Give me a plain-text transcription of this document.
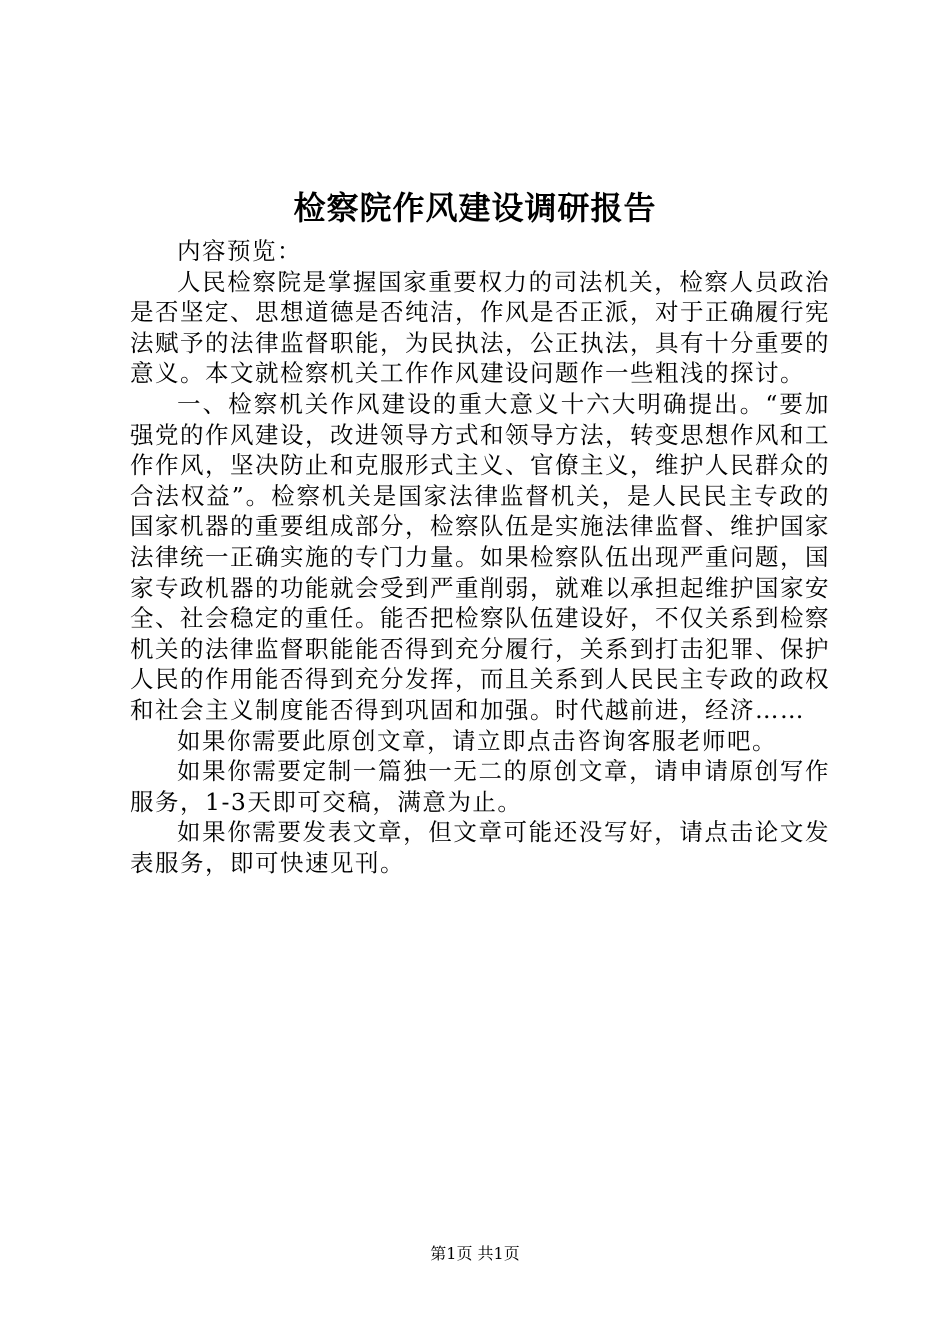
检察院作风建设调研报告

内容预览：

人民检察院是掌握国家重要权力的司法机关，检察人员政治是否坚定、思想道德是否纯洁，作风是否正派，对于正确履行宪法赋予的法律监督职能，为民执法，公正执法，具有十分重要的意义。本文就检察机关工作作风建设问题作一些粗浅的探讨。

一、检察机关作风建设的重大意义十六大明确提出。“要加强党的作风建设，改进领导方式和领导方法，转变思想作风和工作作风，坚决防止和克服形式主义、官僚主义，维护人民群众的合法权益”。检察机关是国家法律监督机关，是人民民主专政的国家机器的重要组成部分，检察队伍是实施法律监督、维护国家法律统一正确实施的专门力量。如果检察队伍出现严重问题，国家专政机器的功能就会受到严重削弱，就难以承担起维护国家安全、社会稳定的重任。能否把检察队伍建设好，不仅关系到检察机关的法律监督职能能否得到充分履行，关系到打击犯罪、保护人民的作用能否得到充分发挥，而且关系到人民民主专政的政权和社会主义制度能否得到巩固和加强。时代越前进，经济……

如果你需要此原创文章，请立即点击咨询客服老师吧。

如果你需要定制一篇独一无二的原创文章，请申请原创写作服务，1-3天即可交稿，满意为止。

如果你需要发表文章，但文章可能还没写好，请点击论文发表服务，即可快速见刊。

第1页 共1页
